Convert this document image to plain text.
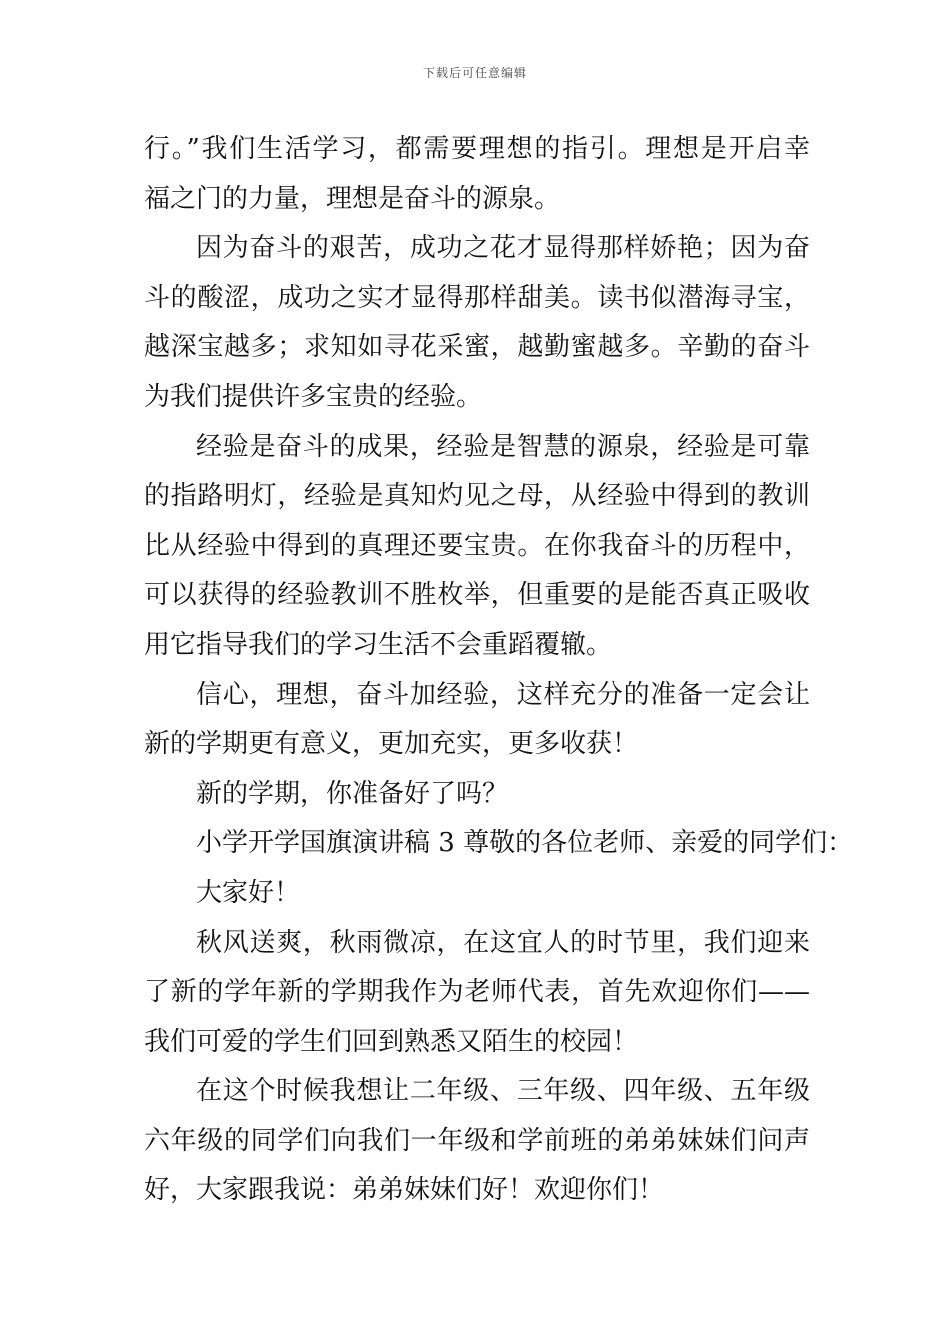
下载后可任意编辑
行。”我们生活学习，都需要理想的指引。理想是开启幸
福之门的力量，理想是奋斗的源泉。
因为奋斗的艰苦，成功之花才显得那样娇艳；因为奋
斗的酸涩，成功之实才显得那样甜美。读书似潜海寻宝，
越深宝越多；求知如寻花采蜜，越勤蜜越多。辛勤的奋斗
为我们提供许多宝贵的经验。
经验是奋斗的成果，经验是智慧的源泉，经验是可靠
的指路明灯，经验是真知灼见之母，从经验中得到的教训
比从经验中得到的真理还要宝贵。在你我奋斗的历程中，
可以获得的经验教训不胜枚举，但重要的是能否真正吸收
用它指导我们的学习生活不会重蹈覆辙。
信心，理想，奋斗加经验，这样充分的准备一定会让
新的学期更有意义，更加充实，更多收获！
新的学期，你准备好了吗？
小学开学国旗演讲稿 3 尊敬的各位老师、亲爱的同学们：
大家好！
秋风送爽，秋雨微凉，在这宜人的时节里，我们迎来
了新的学年新的学期我作为老师代表，首先欢迎你们——
我们可爱的学生们回到熟悉又陌生的校园！
在这个时候我想让二年级、三年级、四年级、五年级
六年级的同学们向我们一年级和学前班的弟弟妹妹们问声
好，大家跟我说：弟弟妹妹们好！欢迎你们！
